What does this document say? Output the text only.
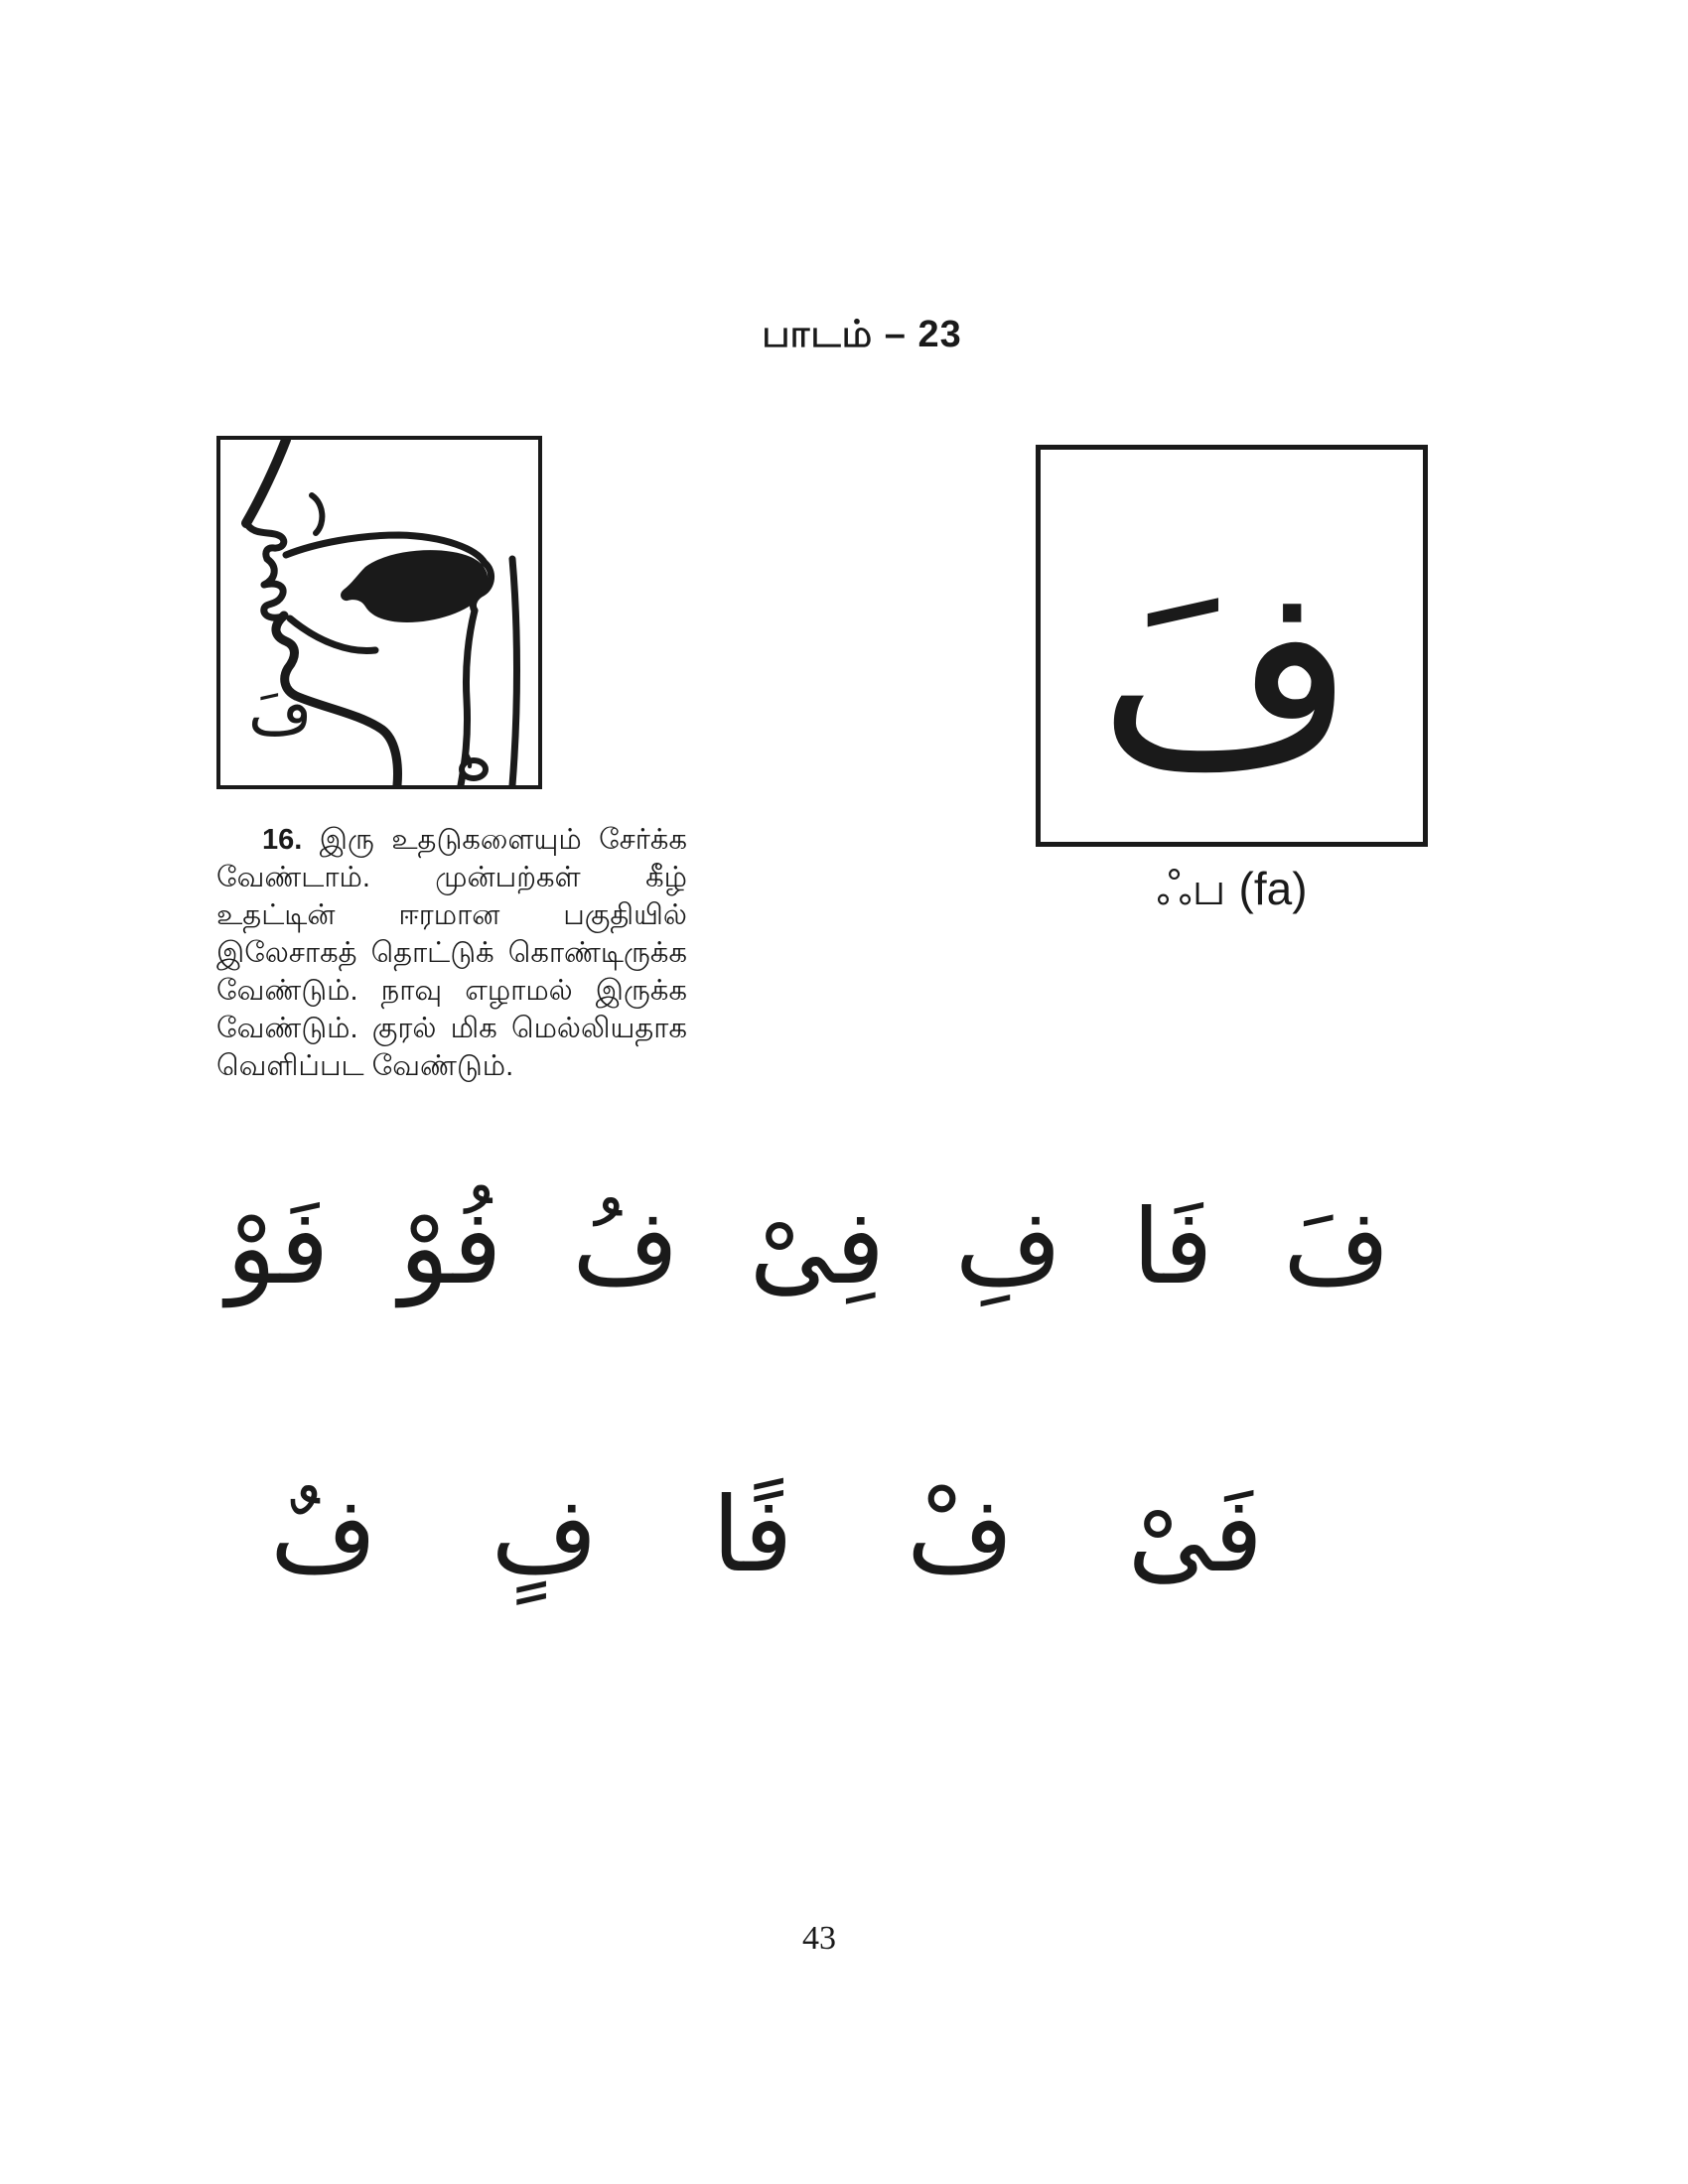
பாடம் – 23
فَ

16. இரு உதடுகளையும் சேர்க்க வேண்டாம். முன்பற்கள் கீழ் உதட்டின் ஈரமான பகுதியில் இலேசாகத் தொட்டுக் கொண்டிருக்க வேண்டும். நாவு எழாமல் இருக்க வேண்டும். குரல் மிக மெல்லியதாக வெளிப்பட வேண்டும்.

فَ
ஃப (fa)
فَوْ فُوْ فُ فِىْ فِ فَا فَ
فٌ فٍ فًا فْ فَىْ
43
